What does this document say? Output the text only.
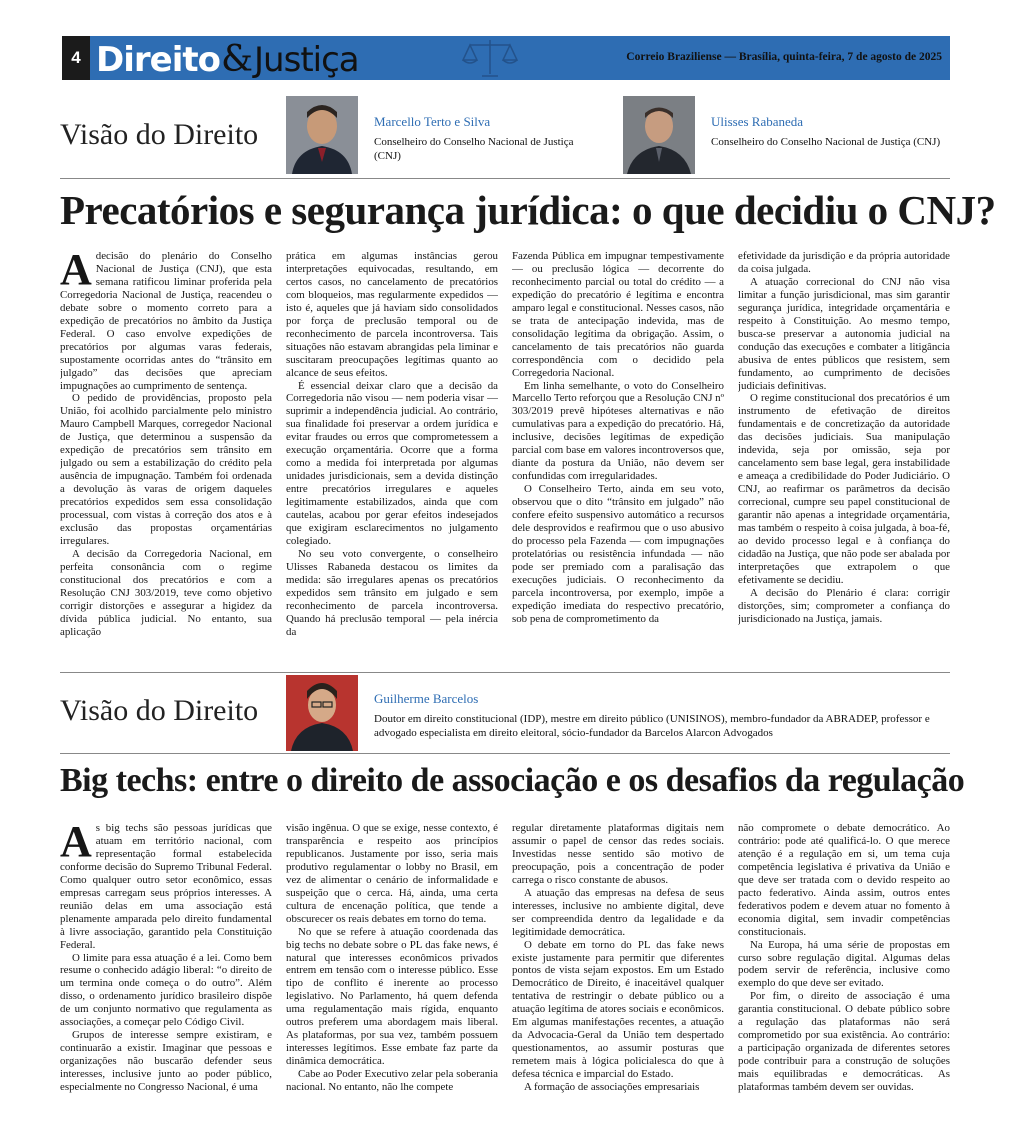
4 Direito & Justiça	Correio Braziliense — Brasília, quinta-feira, 7 de agosto de 2025
Visão do Direito	Marcello Terto e Silva
Conselheiro do Conselho Nacional de Justiça (CNJ)
Ulisses Rabaneda
Conselheiro do Conselho Nacional de Justiça (CNJ)
Precatórios e segurança jurídica: o que decidiu o CNJ?

Adecisão do plenário do Conselho Nacional de Justiça (CNJ), que esta semana ratificou liminar proferida pela Corregedoria Nacional de Justiça, reacendeu o debate sobre o momento correto para a expedição de precatórios no âmbito da Justiça Federal. O caso envolve expedições de precatórios por algumas varas federais, supostamente ocorridas antes do “trânsito em julgado” das decisões que apreciam impugnações ao cumprimento de sentença.

O pedido de providências, proposto pela União, foi acolhido parcialmente pelo ministro Mauro Campbell Marques, corregedor Nacional de Justiça, que determinou a suspensão da expedição de precatórios sem trânsito em julgado ou sem a estabilização do crédito pela ausência de impugnação. Também foi ordenada a devolução às varas de origem daqueles precatórios expedidos sem essa consolidação processual, com vistas à correção dos atos e à exclusão das propostas orçamentárias irregulares.

A decisão da Corregedoria Nacional, em perfeita consonância com o regime constitucional dos precatórios e com a Resolução CNJ 303/2019, teve como objetivo corrigir distorções e assegurar a higidez da dívida pública judicial. No entanto, sua aplicação

prática em algumas instâncias gerou interpretações equivocadas, resultando, em certos casos, no cancelamento de precatórios com bloqueios, mas regularmente expedidos — isto é, aqueles que já haviam sido consolidados por força de preclusão temporal ou de reconhecimento de parcela incontroversa. Tais situações não estavam abrangidas pela liminar e suscitaram preocupações legítimas quanto ao alcance de seus efeitos.

É essencial deixar claro que a decisão da Corregedoria não visou — nem poderia visar — suprimir a independência judicial. Ao contrário, sua finalidade foi preservar a ordem jurídica e evitar fraudes ou erros que comprometessem a execução orçamentária. Ocorre que a forma como a medida foi interpretada por algumas unidades jurisdicionais, sem a devida distinção entre precatórios irregulares e aqueles legitimamente estabilizados, ainda que com cautelas, acabou por gerar efeitos indesejados que exigiram esclarecimentos no julgamento colegiado.

No seu voto convergente, o conselheiro Ulisses Rabaneda destacou os limites da medida: são irregulares apenas os precatórios expedidos sem trânsito em julgado e sem reconhecimento de parcela incontroversa. Quando há preclusão temporal — pela inércia da

Fazenda Pública em impugnar tempestivamente — ou preclusão lógica — decorrente do reconhecimento parcial ou total do crédito — a expedição do precatório é legítima e encontra amparo legal e constitucional. Nesses casos, não se trata de antecipação indevida, mas de consolidação legítima da obrigação. Assim, o cancelamento de tais precatórios não guarda correspondência com o decidido pela Corregedoria Nacional.

Em linha semelhante, o voto do Conselheiro Marcello Terto reforçou que a Resolução CNJ nº 303/2019 prevê hipóteses alternativas e não cumulativas para a expedição do precatório. Há, inclusive, decisões legítimas de expedição parcial com base em valores incontroversos que, diante da postura da União, não devem ser confundidas com irregularidades.

O Conselheiro Terto, ainda em seu voto, observou que o dito “trânsito em julgado” não confere efeito suspensivo automático a recursos dele desprovidos e reafirmou que o uso abusivo do processo pela Fazenda — com impugnações protelatórias ou resistência infundada — não pode ser premiado com a paralisação das execuções judiciais. O reconhecimento da parcela incontroversa, por exemplo, impõe a expedição imediata do respectivo precatório, sob pena de comprometimento da

efetividade da jurisdição e da própria autoridade da coisa julgada.

A atuação correcional do CNJ não visa limitar a função jurisdicional, mas sim garantir segurança jurídica, integridade orçamentária e respeito à Constituição. Ao mesmo tempo, busca-se preservar a autonomia judicial na condução das execuções e combater a litigância abusiva de entes públicos que resistem, sem fundamento, ao cumprimento de decisões judiciais definitivas.

O regime constitucional dos precatórios é um instrumento de efetivação de direitos fundamentais e de concretização da autoridade das decisões judiciais. Sua manipulação indevida, seja por omissão, seja por cancelamento sem base legal, gera instabilidade e ameaça a credibilidade do Poder Judiciário. O CNJ, ao reafirmar os parâmetros da decisão correcional, cumpre seu papel constitucional de garantir não apenas a integridade orçamentária, mas também o respeito à coisa julgada, à boa-fé, ao devido processo legal e à confiança do cidadão na Justiça, que não pode ser abalada por interpretações que extrapolem o que efetivamente se decidiu.

A decisão do Plenário é clara: corrigir distorções, sim; comprometer a confiança do jurisdicionado na Justiça, jamais.

Visão do Direito	Guilherme Barcelos
Doutor em direito constitucional (IDP), mestre em direito público (UNISINOS), membro-fundador da ABRADEP, professor e advogado especialista em direito eleitoral, sócio-fundador da Barcelos Alarcon Advogados
Big techs: entre o direito de associação e os desafios da regulação

As big techs são pessoas jurídicas que atuam em território nacional, com representação formal estabelecida conforme decisão do Supremo Tribunal Federal. Como qualquer outro setor econômico, essas empresas carregam seus próprios interesses. A reunião delas em uma associação está plenamente amparada pelo direito fundamental à livre associação, garantido pela Constituição Federal.

O limite para essa atuação é a lei. Como bem resume o conhecido adágio liberal: “o direito de um termina onde começa o do outro”. Além disso, o ordenamento jurídico brasileiro dispõe de um conjunto normativo que regulamenta as associações, a começar pelo Código Civil.

Grupos de interesse sempre existiram, e continuarão a existir. Imaginar que pessoas e organizações não buscarão defender seus interesses, inclusive junto ao poder público, especialmente no Congresso Nacional, é uma

visão ingênua. O que se exige, nesse contexto, é transparência e respeito aos princípios republicanos. Justamente por isso, seria mais produtivo regulamentar o lobby no Brasil, em vez de alimentar o cenário de informalidade e suspeição que o cerca. Há, ainda, uma certa cultura de encenação política, que tende a obscurecer os reais debates em torno do tema.

No que se refere à atuação coordenada das big techs no debate sobre o PL das fake news, é natural que interesses econômicos privados entrem em tensão com o interesse público. Esse tipo de conflito é inerente ao processo legislativo. No Parlamento, há quem defenda uma regulamentação mais rígida, enquanto outros preferem uma abordagem mais liberal. As plataformas, por sua vez, também possuem interesses legítimos. Esse embate faz parte da dinâmica democrática.

Cabe ao Poder Executivo zelar pela soberania nacional. No entanto, não lhe compete

regular diretamente plataformas digitais nem assumir o papel de censor das redes sociais. Investidas nesse sentido são motivo de preocupação, pois a concentração de poder carrega o risco constante de abusos.

A atuação das empresas na defesa de seus interesses, inclusive no ambiente digital, deve ser compreendida dentro da legalidade e da legitimidade democrática.

O debate em torno do PL das fake news existe justamente para permitir que diferentes pontos de vista sejam expostos. Em um Estado Democrático de Direito, é inaceitável qualquer tentativa de restringir o debate público ou a atuação legítima de atores sociais e econômicos. Em algumas manifestações recentes, a atuação da Advocacia-Geral da União tem despertado questionamentos, ao assumir posturas que remetem mais à lógica policialesca do que à defesa técnica e imparcial do Estado.

A formação de associações empresariais

não compromete o debate democrático. Ao contrário: pode até qualificá-lo. O que merece atenção é a regulação em si, um tema cuja competência legislativa é privativa da União e que deve ser tratada com o devido respeito ao pacto federativo. Ainda assim, outros entes federativos podem e devem atuar no fomento à economia digital, sem invadir competências constitucionais.

Na Europa, há uma série de propostas em curso sobre regulação digital. Algumas delas podem servir de referência, inclusive como exemplo do que deve ser evitado.

Por fim, o direito de associação é uma garantia constitucional. O debate público sobre a regulação das plataformas não será comprometido por sua existência. Ao contrário: a participação organizada de diferentes setores pode contribuir para a construção de soluções mais equilibradas e democráticas. As plataformas também devem ser ouvidas.
